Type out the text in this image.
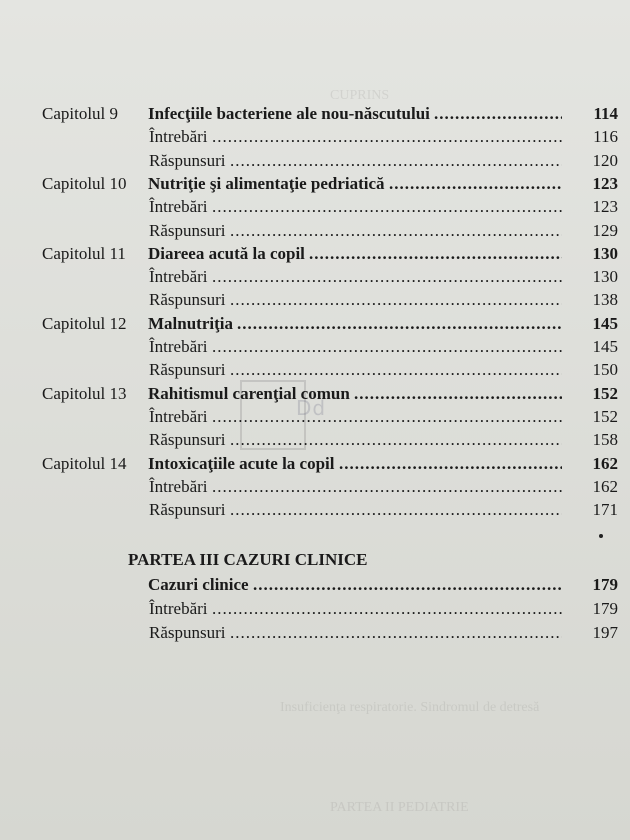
CUPRINS
Insuficienţa respiratorie. Sindromul de detresă
PARTEA II PEDIATRIE
Dd
Capitolul 9 Infecţiile bacteriene ale nou-născutului .....	114
Întrebări .....	116
Răspunsuri .....	120
Capitolul 10 Nutriţie şi alimentaţie pedriatică .....	123
Întrebări .....	123
Răspunsuri .....	129
Capitolul 11 Diareea acută la copil .....	130
Întrebări .....	130
Răspunsuri .....	138
Capitolul 12 Malnutriţia .....	145
Întrebări .....	145
Răspunsuri .....	150
Capitolul 13 Rahitismul carenţial comun .....	152
Întrebări .....	152
Răspunsuri .....	158
Capitolul 14 Intoxicaţiile acute la copil .....	162
Întrebări .....	162
Răspunsuri .....	171
Cazuri clinice .....	179
Întrebări .....	179
Răspunsuri .....	197
PARTEA III CAZURI CLINICE
